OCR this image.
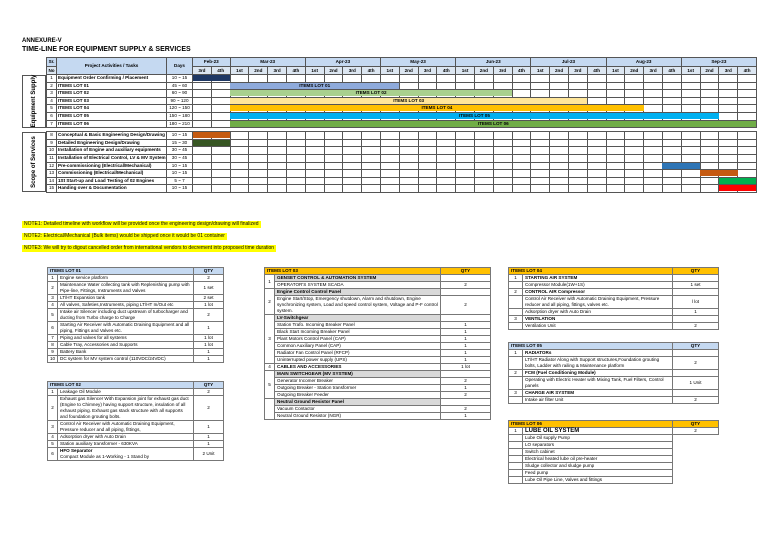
ANNEXURE-V
TIME-LINE FOR EQUIPMENT SUPPLY & SERVICES
Sr.	Project Activities / Tasks	Days	Feb-23		Mar-23				Apr-23				May-23				Jun-23				Jul-23				Aug-23				Sep-23			
No			3rd	4th	1st	2nd	3rd	4th	1st	2nd	3rd	4th	1st	2nd	3rd	4th	1st	2nd	3rd	4th	1st	2nd	3rd	4th	1st	2nd	3rd	4th	1st	2nd	3rd	4th
1	Equipment Order Confirming / Placement	10 ~ 15																														
2	ITEMS LOT 01	45 ~ 60																														
3	ITEMS LOT 02	60 ~ 90																														
4	ITEMS LOT 03	90 ~ 120																														
5	ITEMS LOT 04	120 ~ 150																														
6	ITEMS LOT 05	150 ~ 180																														
7	ITEMS LOT 06	180 ~ 210																														

8	Conceptual & Basic Engineering Design/Drawing	10 ~ 15																														
9	Detailed Engineering Design/Drawing	15 ~ 30																														
10	Installation of Engine and auxiliary equipments	30 ~ 45																														
11	Installation of Electrical Control, LV & MV System	30 ~ 45																														
12	Pre-commissioning (Electrical/Mechanical)	10 ~ 15																														
13	Commissioning (Electrical/Mechanical)	10 ~ 15																														
14	1St Start-up and Load Testing of 02 Engines	5 ~ 7																														
15	Handing over & Documentation	10 ~ 15																														
Equipment Supply
Scope of Services
ITEMS LOT 01
ITEMS LOT 02
ITEMS LOT 03
ITEMS LOT 04
ITEMS LOT 05
ITEMS LOT 06
NOTE1: Detailed timeline with workflow will be provided once the engineering design/drawing will finalized
NOTE2: Electrical/Mechanical (Bulk items) would be shipped once it would be 01 container
NOTE3: We will try to digout cancelled order from international vendors to decrement into proposed time duration
ITEMS LOT 01		QTY
1	Engine service platform	2
2	Maintenance Water collecting tank with Replenishing pump with Pipe-line, Fittings, Instruments and Valves	1 set
3	LT/HT Expansion tank	2 set
4	All valves, Safeties,Instruments, piping LT/HT In/Out etc	1 lot
5	Intake air Silencer including duct upstream of turbocharger and ducting from Turbo charge to Charge	2
6	Starting Air Receiver with Automatic Draining Equipment and all piping, Fittings and Valves etc.	1
7	Piping and valves for all systems	1 lot
8	Cable Tray, Accessories and Supports	1 lot
9	Battery Bank	1
10	DC system for MV system control (110VDC/24VDC)	1
ITEMS LOT 02		QTY
1	Leakage Oil Module	2
2	Exhaust gas Silencer With Expansion joint for exhaust gas duct (Engine to Chimney) having support structure, insulation of all exhaust piping. Exhaust gas stack structure with all supports and foundation grouting bolts.	2
3	Control Air Receiver with Automatic Draining Equipment, Pressure reducer and all piping, fittings,	1
4	Adsorption dryer with Auto Drain	1
5	Station auxiliary transformer - 630KVA	1
6	HFO Separator
Compact Module as 1-Working - 1 Stand by	2 Unit
ITEMS LOT 03		QTY
1	GENSET CONTROL & AUTOMATION SYSTEM	
	OPERATOR'S SYSTEM SCADA	2
2	Engine Control Control Panel	
	Engine Start/Stop, Emergency shutdown, Alarm and shutdown, Engine synchronizing system, Load and speed control system, Voltage and P-F control system.	2
3	LV-Switchgear	
	Station Trafo. Incoming Breaker Panel	1
	Black Start Incoming Breaker Panel	1
	Plant Motors Control Panel (CAP)	1
	Common Auxiliary Panel (CAP)	1
	Radiator Fan Control Panel (RFCP)	1
	Uninterrupted power supply (UPS)	1
4	CABLES AND ACCESSORIES	1 lot
5	MAIN SWITCHGEAR (MV SYSTEM)	
	Generator Incomer Breaker	2
	Outgoing Breaker - Station transformer	1
	Outgoing Breaker Feeder	2
	Neutral Ground Resistor Panel	
	Vacuum Contactor	2
	Neutral Ground Resistor (NGR)	1
ITEMS LOT 04		QTY
1	STARTING AIR SYSTEM	
	Compressor Module(1W+1S)	1 set
2	CONTROL AIR Compressor	
	Control Air Receiver with Automatic Draining Equipment, Pressure reducer and all piping, fittings, valves etc.	l lot
	Adsorption dryer with Auto Drain	1
3	VENTILATION	
	Ventilation Unit	2
ITEMS LOT 05		QTY
1	RADIATORs	
	LT/HT Radiator Along with Support structures,Foundation grouting bolts, Ladder with railing & Maintenance platform	2
2	FCM (Fuel Conditioning Module)	
	Operating with Electric Heater with Mixing Tank, Fuel Filters, Control panels	1 Unit
3	CHARGE AIR SYSTEM	
	Intake air filter Unit	2
ITEMS LOT 06		QTY
1	LUBE OIL SYSTEM	2
	Lube Oil supply Pump	
	LO separators	
	Switch cabinet	
	Electrical heated lube oil pre-heater	
	Sludge collector and sludge pump	
	Feed pump	
	Lube Oil Pipe Line, Valves and fittings	
